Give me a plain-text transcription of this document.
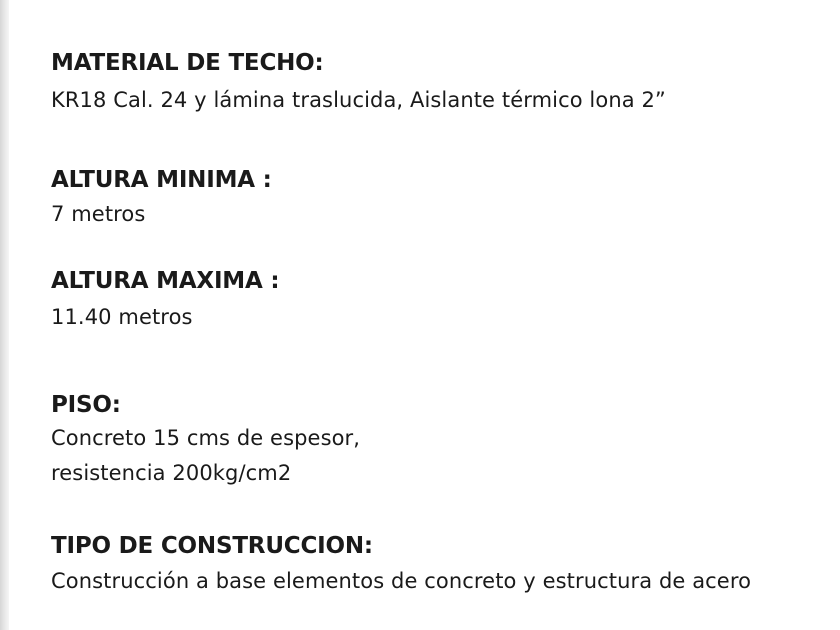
MATERIAL DE TECHO:
KR18 Cal. 24 y lámina traslucida, Aislante térmico lona 2”
ALTURA MINIMA :
7 metros
ALTURA MAXIMA :
11.40 metros
PISO:
Concreto 15 cms de espesor,
resistencia 200kg/cm2
TIPO DE CONSTRUCCION:
Construcción a base elementos de concreto y estructura de acero
